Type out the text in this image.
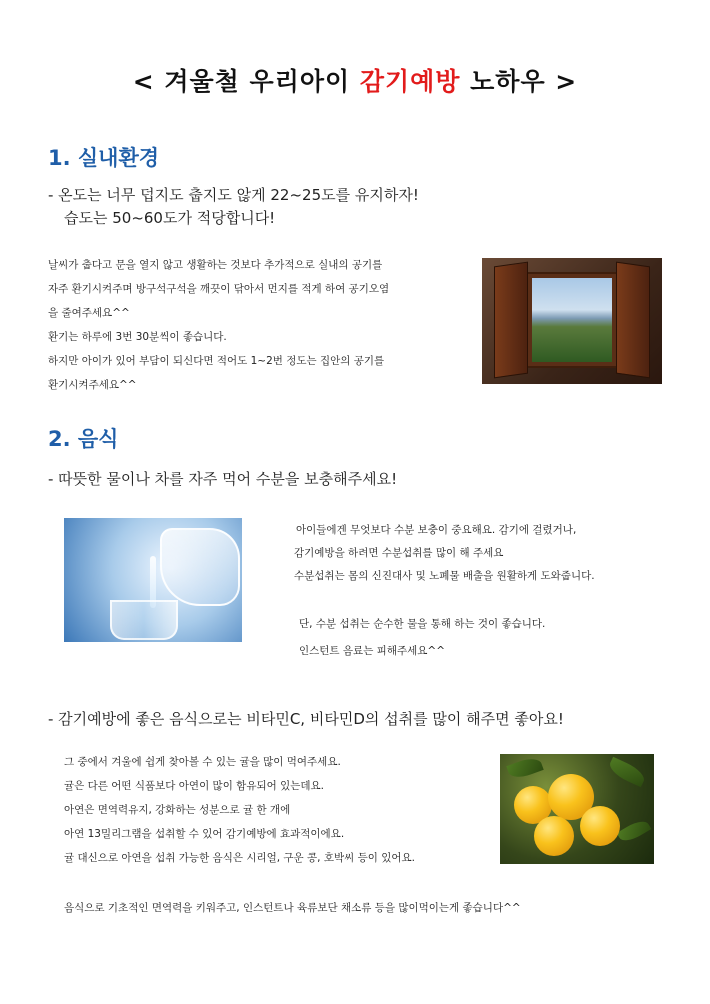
< 겨울철 우리아이 감기예방 노하우 >
1. 실내환경
- 온도는 너무 덥지도 춥지도 않게 22~25도를 유지하자!
습도는 50~60도가 적당합니다!
날씨가 춥다고 문을 열지 않고 생활하는 것보다 추가적으로 실내의 공기를
자주 환기시켜주며 방구석구석을 깨끗이 닦아서 먼지를 적게 하여 공기오염
을 줄여주세요^^
환기는 하루에 3번 30분씩이 좋습니다.
하지만 아이가 있어 부담이 되신다면 적어도 1~2번 정도는 집안의 공기를
환기시켜주세요^^
2. 음식
- 따뜻한 물이나 차를 자주 먹어 수분을 보충해주세요!
아이들에겐 무엇보다 수분 보충이 중요해요. 감기에 걸렸거나,
감기예방을 하려면 수분섭취를 많이 해 주세요
수분섭취는 몸의 신진대사 및 노폐물 배출을 원활하게 도와줍니다.
단, 수분 섭취는 순수한 물을 통해 하는 것이 좋습니다.
인스턴트 음료는 피해주세요^^
- 감기예방에 좋은 음식으로는 비타민C, 비타민D의 섭취를 많이 해주면 좋아요!
그 중에서 겨울에 쉽게 찾아볼 수 있는 귤을 많이 먹여주세요.
귤은 다른 어떤 식품보다 아연이 많이 함유되어 있는데요.
아연은 면역력유지, 강화하는 성분으로 귤 한 개에
아연 13밀리그램을 섭취할 수 있어 감기예방에 효과적이에요.
귤 대신으로 아연을 섭취 가능한 음식은 시리얼, 구운 콩, 호박씨 등이 있어요.
음식으로 기초적인 면역력을 키워주고, 인스턴트나 육류보단 채소류 등을 많이먹이는게 좋습니다^^
